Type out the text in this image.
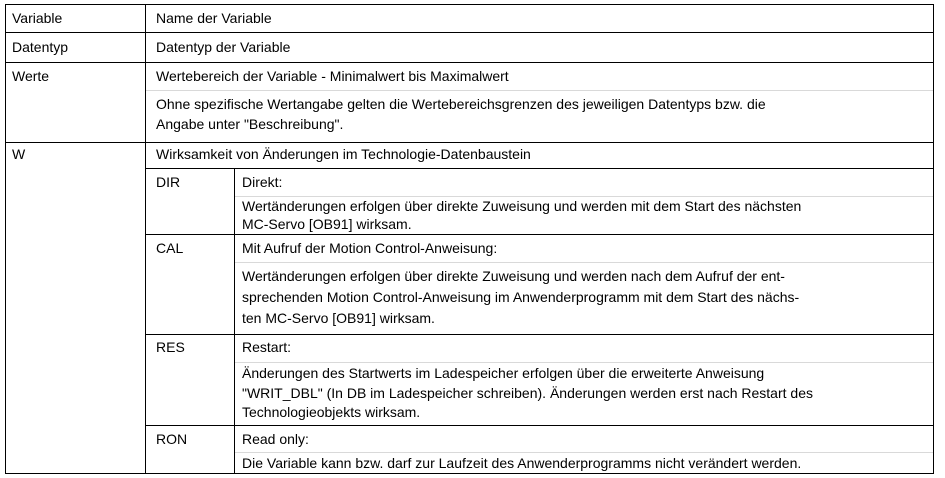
Variable	Name der Variable
Datentyp	Datentyp der Variable
Werte	Wertebereich der Variable - Minimalwert bis Maximalwert
Ohne spezifische Wertangabe gelten die Wertebereichsgrenzen des jeweiligen Datentyps bzw. die
Angabe unter "Beschreibung".
W	Wirksamkeit von Änderungen im Technologie-Datenbaustein
DIR	Direkt:
Wertänderungen erfolgen über direkte Zuweisung und werden mit dem Start des nächsten
MC-Servo [OB91] wirksam.
CAL	Mit Aufruf der Motion Control-Anweisung:
Wertänderungen erfolgen über direkte Zuweisung und werden nach dem Aufruf der ent-
sprechenden Motion Control-Anweisung im Anwenderprogramm mit dem Start des nächs-
ten MC-Servo [OB91] wirksam.
RES	Restart:
Änderungen des Startwerts im Ladespeicher erfolgen über die erweiterte Anweisung
"WRIT_DBL" (In DB im Ladespeicher schreiben). Änderungen werden erst nach Restart des
Technologieobjekts wirksam.
RON	Read only:
Die Variable kann bzw. darf zur Laufzeit des Anwenderprogramms nicht verändert werden.
